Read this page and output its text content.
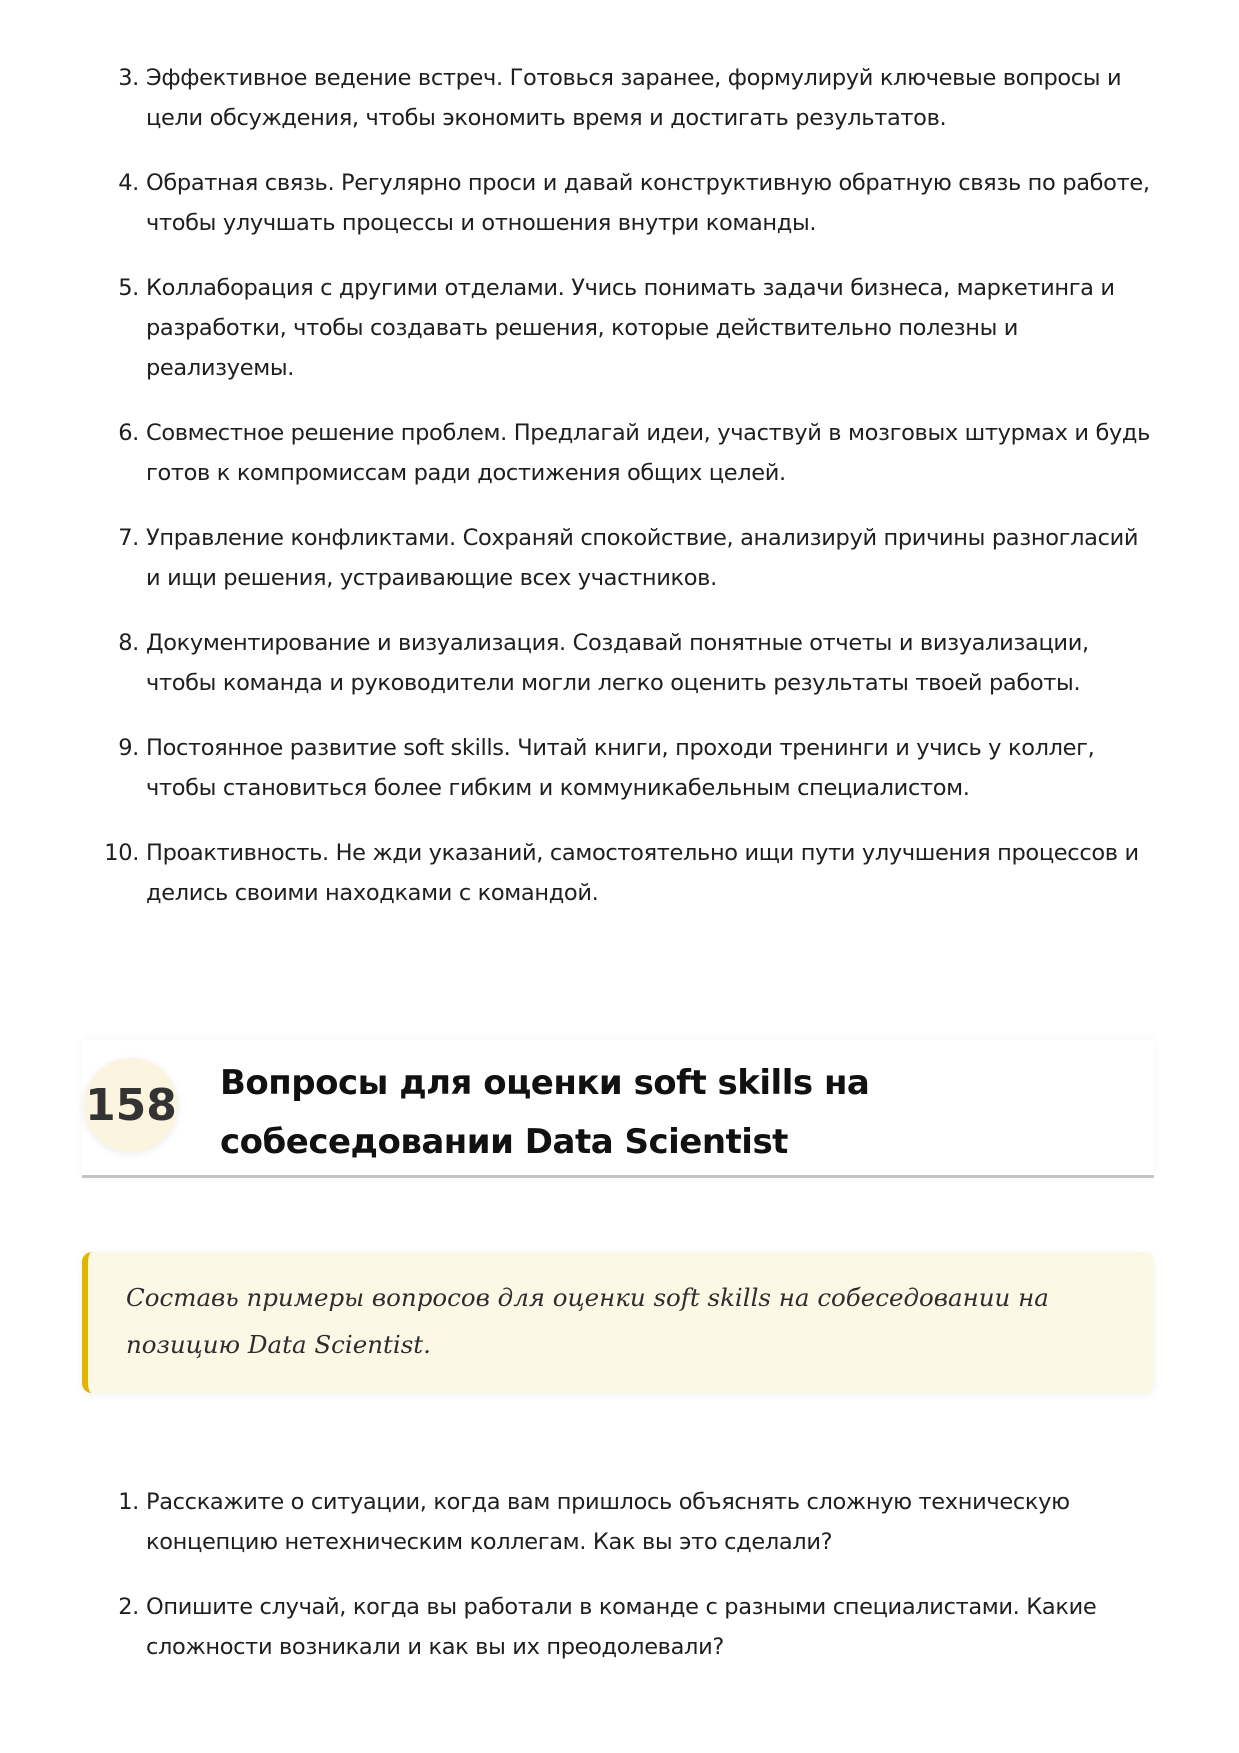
3. Эффективное ведение встреч. Готовься заранее, формулируй ключевые вопросы и цели обсуждения, чтобы экономить время и достигать результатов.
4. Обратная связь. Регулярно проси и давай конструктивную обратную связь по работе, чтобы улучшать процессы и отношения внутри команды.
5. Коллаборация с другими отделами. Учись понимать задачи бизнеса, маркетинга и разработки, чтобы создавать решения, которые действительно полезны и реализуемы.
6. Совместное решение проблем. Предлагай идеи, участвуй в мозговых штурмах и будь готов к компромиссам ради достижения общих целей.
7. Управление конфликтами. Сохраняй спокойствие, анализируй причины разногласий и ищи решения, устраивающие всех участников.
8. Документирование и визуализация. Создавай понятные отчеты и визуализации, чтобы команда и руководители могли легко оценить результаты твоей работы.
9. Постоянное развитие soft skills. Читай книги, проходи тренинги и учись у коллег, чтобы становиться более гибким и коммуникабельным специалистом.
10. Проактивность. Не жди указаний, самостоятельно ищи пути улучшения процессов и делись своими находками с командой.
158 Вопросы для оценки soft skills на собеседовании Data Scientist

Составь примеры вопросов для оценки soft skills на собеседовании на позицию Data Scientist.

1. Расскажите о ситуации, когда вам пришлось объяснять сложную техническую концепцию нетехническим коллегам. Как вы это сделали?
2. Опишите случай, когда вы работали в команде с разными специалистами. Какие сложности возникали и как вы их преодолевали?
